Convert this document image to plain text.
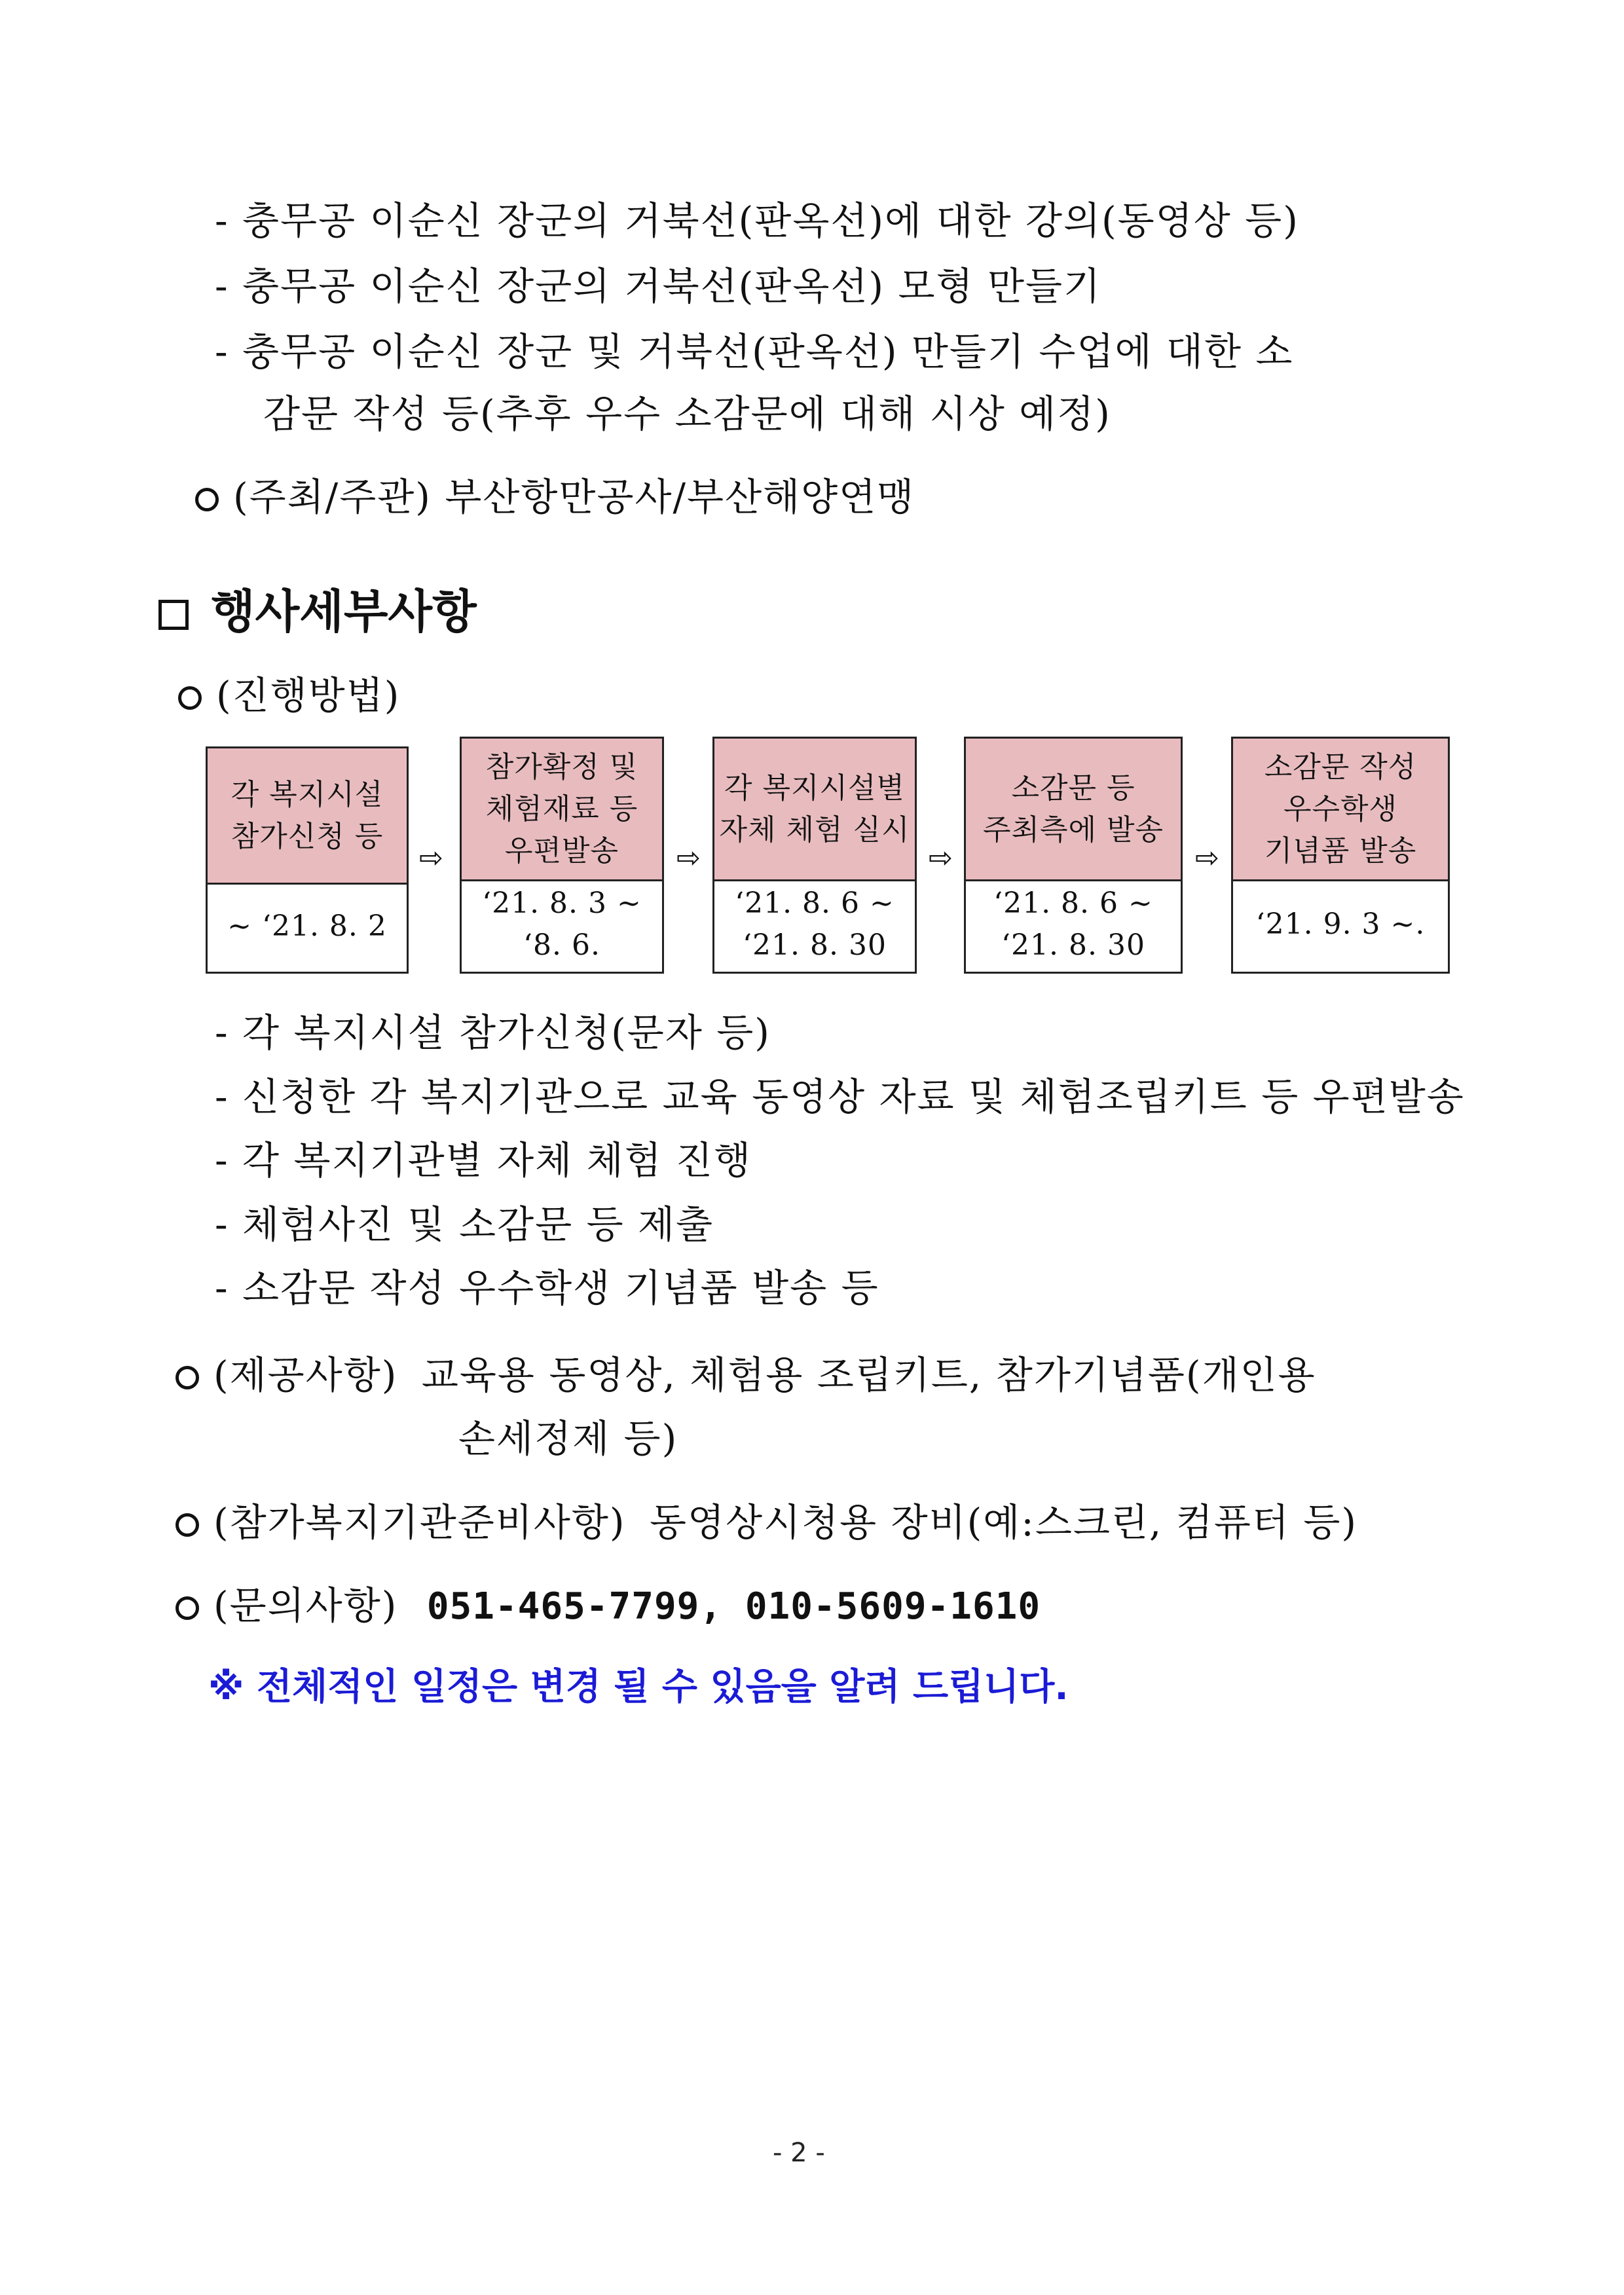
- 충무공 이순신 장군의 거북선(판옥선)에 대한 강의(동영상 등)
- 충무공 이순신 장군의 거북선(판옥선) 모형 만들기
- 충무공 이순신 장군 및 거북선(판옥선) 만들기 수업에 대한 소
감문 작성 등(추후 우수 소감문에 대해 시상 예정)
(주최/주관) 부산항만공사/부산해양연맹
행사세부사항
(진행방법)
각 복지시설
참가신청 등
~ ‘21. 8. 2
⇨
참가확정 및
체험재료 등
우편발송
‘21. 8. 3 ~
‘8. 6.
⇨
각 복지시설별
자체 체험 실시
‘21. 8. 6 ~
‘21. 8. 30
⇨
소감문 등
주최측에 발송
‘21. 8. 6 ~
‘21. 8. 30
⇨
소감문 작성
우수학생
기념품 발송
‘21. 9. 3 ~.
- 각 복지시설 참가신청(문자 등)
- 신청한 각 복지기관으로 교육 동영상 자료 및 체험조립키트 등 우편발송
- 각 복지기관별 자체 체험 진행
- 체험사진 및 소감문 등 제출
- 소감문 작성 우수학생 기념품 발송 등
(제공사항) 교육용 동영상, 체험용 조립키트, 참가기념품(개인용
손세정제 등)
(참가복지기관준비사항) 동영상시청용 장비(예:스크린, 컴퓨터 등)
(문의사항) 051-465-7799, 010-5609-1610
※ 전체적인 일정은 변경 될 수 있음을 알려 드립니다.
- 2 -
